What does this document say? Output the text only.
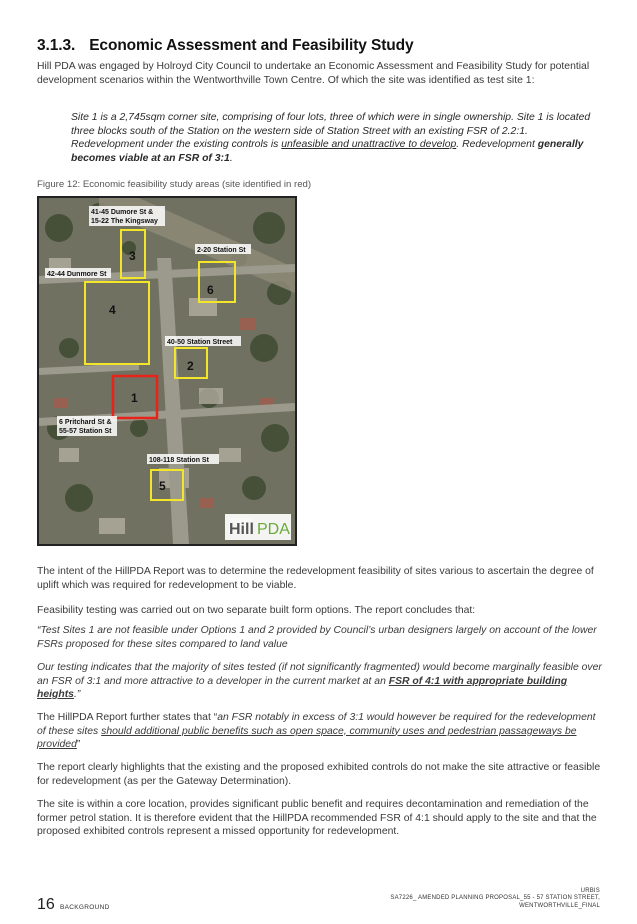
3.1.3. Economic Assessment and Feasibility Study

Hill PDA was engaged by Holroyd City Council to undertake an Economic Assessment and Feasibility Study for potential development scenarios within the Wentworthville Town Centre. Of which the site was identified as test site 1:

Site 1 is a 2,745sqm corner site, comprising of four lots, three of which were in single ownership. Site 1 is located three blocks south of the Station on the western side of Station Street with an existing FSR of 2.2:1. Redevelopment under the existing controls is unfeasible and unattractive to develop. Redevelopment generally becomes viable at an FSR of 3:1.

Figure 12: Economic feasibility study areas (site identified in red)

3
6
4
2
1
5
41-45 Dumore St &
15-22 The Kingsway
2-20 Station St
42-44 Dunmore St
40-50 Station Street
6 Pritchard St &
55-57 Station St
108-118 Station St
Hill PDA

The intent of the HillPDA Report was to determine the redevelopment feasibility of sites various to ascertain the degree of uplift which was required for redevelopment to be viable.

Feasibility testing was carried out on two separate built form options. The report concludes that:

“Test Sites 1 are not feasible under Options 1 and 2 provided by Council’s urban designers largely on account of the lower FSRs proposed for these sites compared to land value

Our testing indicates that the majority of sites tested (if not significantly fragmented) would become marginally feasible over an FSR of 3:1 and more attractive to a developer in the current market at an FSR of 4:1 with appropriate building heights.”

The HillPDA Report further states that “an FSR notably in excess of 3:1 would however be required for the redevelopment of these sites should additional public benefits such as open space, community uses and pedestrian passageways be provided”

The report clearly highlights that the existing and the proposed exhibited controls do not make the site attractive or feasible for redevelopment (as per the Gateway Determination).

The site is within a core location, provides significant public benefit and requires decontamination and remediation of the former petrol station. It is therefore evident that the HillPDA recommended FSR of 4:1 should apply to the site and that the proposed exhibited controls represent a missed opportunity for redevelopment.

16 BACKGROUND
URBIS
SA7226_ AMENDED PLANNING PROPOSAL_55 - 57 STATION STREET,
WENTWORTHVILLE_FINAL
